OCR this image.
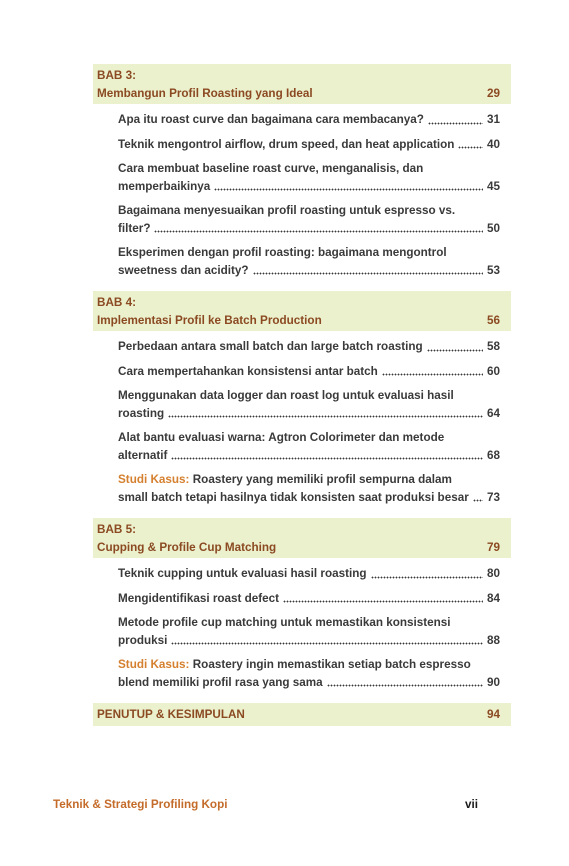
BAB 3:
Membangun Profil Roasting yang Ideal	29
Apa itu roast curve dan bagaimana cara membacanya?	31
Teknik mengontrol airflow, drum speed, dan heat application	40
Cara membuat baseline roast curve, menganalisis, dan
memperbaikinya	45
Bagaimana menyesuaikan profil roasting untuk espresso vs.
filter?	50
Eksperimen dengan profil roasting: bagaimana mengontrol
sweetness dan acidity?	53
BAB 4:
Implementasi Profil ke Batch Production	56
Perbedaan antara small batch dan large batch roasting	58
Cara mempertahankan konsistensi antar batch	60
Menggunakan data logger dan roast log untuk evaluasi hasil
roasting	64
Alat bantu evaluasi warna: Agtron Colorimeter dan metode
alternatif	68
Studi Kasus: Roastery yang memiliki profil sempurna dalam
small batch tetapi hasilnya tidak konsisten saat produksi besar 73
BAB 5:
Cupping & Profile Cup Matching	79
Teknik cupping untuk evaluasi hasil roasting	80
Mengidentifikasi roast defect	84
Metode profile cup matching untuk memastikan konsistensi
produksi	88
Studi Kasus: Roastery ingin memastikan setiap batch espresso
blend memiliki profil rasa yang sama	90
PENUTUP & KESIMPULAN	94
Teknik & Strategi Profiling Kopi	vii
